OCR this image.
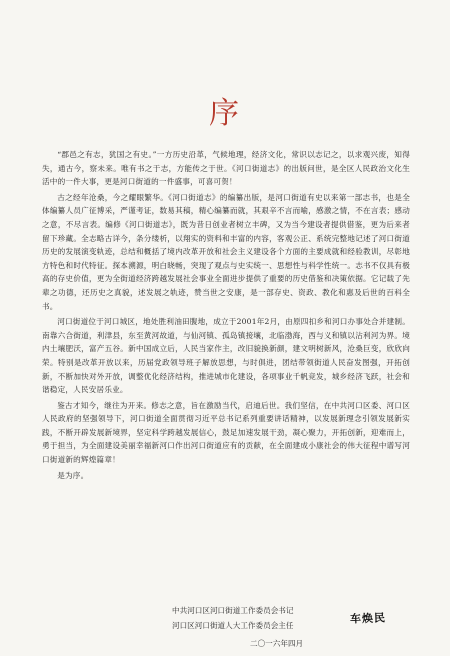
序

“郡邑之有志，犹国之有史。”一方历史沿革，气候地理，经济文化，常识以志记之，以求观兴废，知得失，通古今，察未来。唯有书之于志，方能传之于世。《河口街道志》的出版问世，是全区人民政治文化生活中的一件大事，更是河口街道的一件盛事，可喜可贺！

古之经年沧桑，今之耀眼繁华。《河口街道志》的编纂出版，是河口街道有史以来第一部志书，也是全体编纂人员广征博采，严谨考证，数易其稿，精心编纂而就，其艰辛不言而喻，感激之情，不在言表；感动之意，不尽言表。编修《河口街道志》，既为昔日创业者树立丰碑，又为当今建设者提供借鉴，更为后来者留下珍藏。全志略古详今，条分缕析，以翔实的资料和丰富的内容，客观公正、系统完整地记述了河口街道历史的发展演变轨迹，总结和概括了境内改革开放和社会主义建设各个方面的主要成就和经验教训，尽彰地方特色和时代特征。探本溯源，明白晓畅，突现了观点与史实统一、思想性与科学性统一。志书不仅具有极高的存史价值，更为全街道经济跨越发展社会事业全面进步提供了重要的历史借鉴和决策依据。它记载了先辈之功德，还历史之真貌，述发展之轨迹，赞当世之安康，是一部存史、资政、教化和惠及后世的百科全书。

河口街道位于河口城区，地处胜利油田腹地，成立于2001年2月，由原四扣乡和河口办事处合并建制。南靠六合街道，利津县，东至黄河故道，与仙河镇、孤岛镇接壤，北临渤海，西与义和镇以沾利河为界。境内土壤肥沃，富产五谷。新中国成立后，人民当家作主，改旧貌换新颜，建文明树新风，沧桑巨变，欣欣向荣。特别是改革开放以来，历届党政领导班子解放思想，与时俱进，团结带领街道人民奋发图强，开拓创新，不断加快对外开放，调整优化经济结构，推进城市化建设，各项事业千帆竞发，城乡经济飞跃，社会和谐稳定，人民安居乐业。

鉴古才知今，继往为开来。修志之意，旨在激励当代，启迪后世。我们坚信，在中共河口区委、河口区人民政府的坚强领导下，河口街道全面贯彻习近平总书记系列重要讲话精神，以发展新理念引领发展新实践，不断开辟发展新境界，坚定科学跨越发展信心，鼓足加速发展干劲，凝心聚力，开拓创新，迎难而上，勇于担当，为全面建设美丽幸福新河口作出河口街道应有的贡献，在全面建成小康社会的伟大征程中谱写河口街道新的辉煌篇章！

是为序。

中共河口区河口街道工作委员会书记
河口区河口街道人大工作委员会主任	车焕民
二〇一六年四月
